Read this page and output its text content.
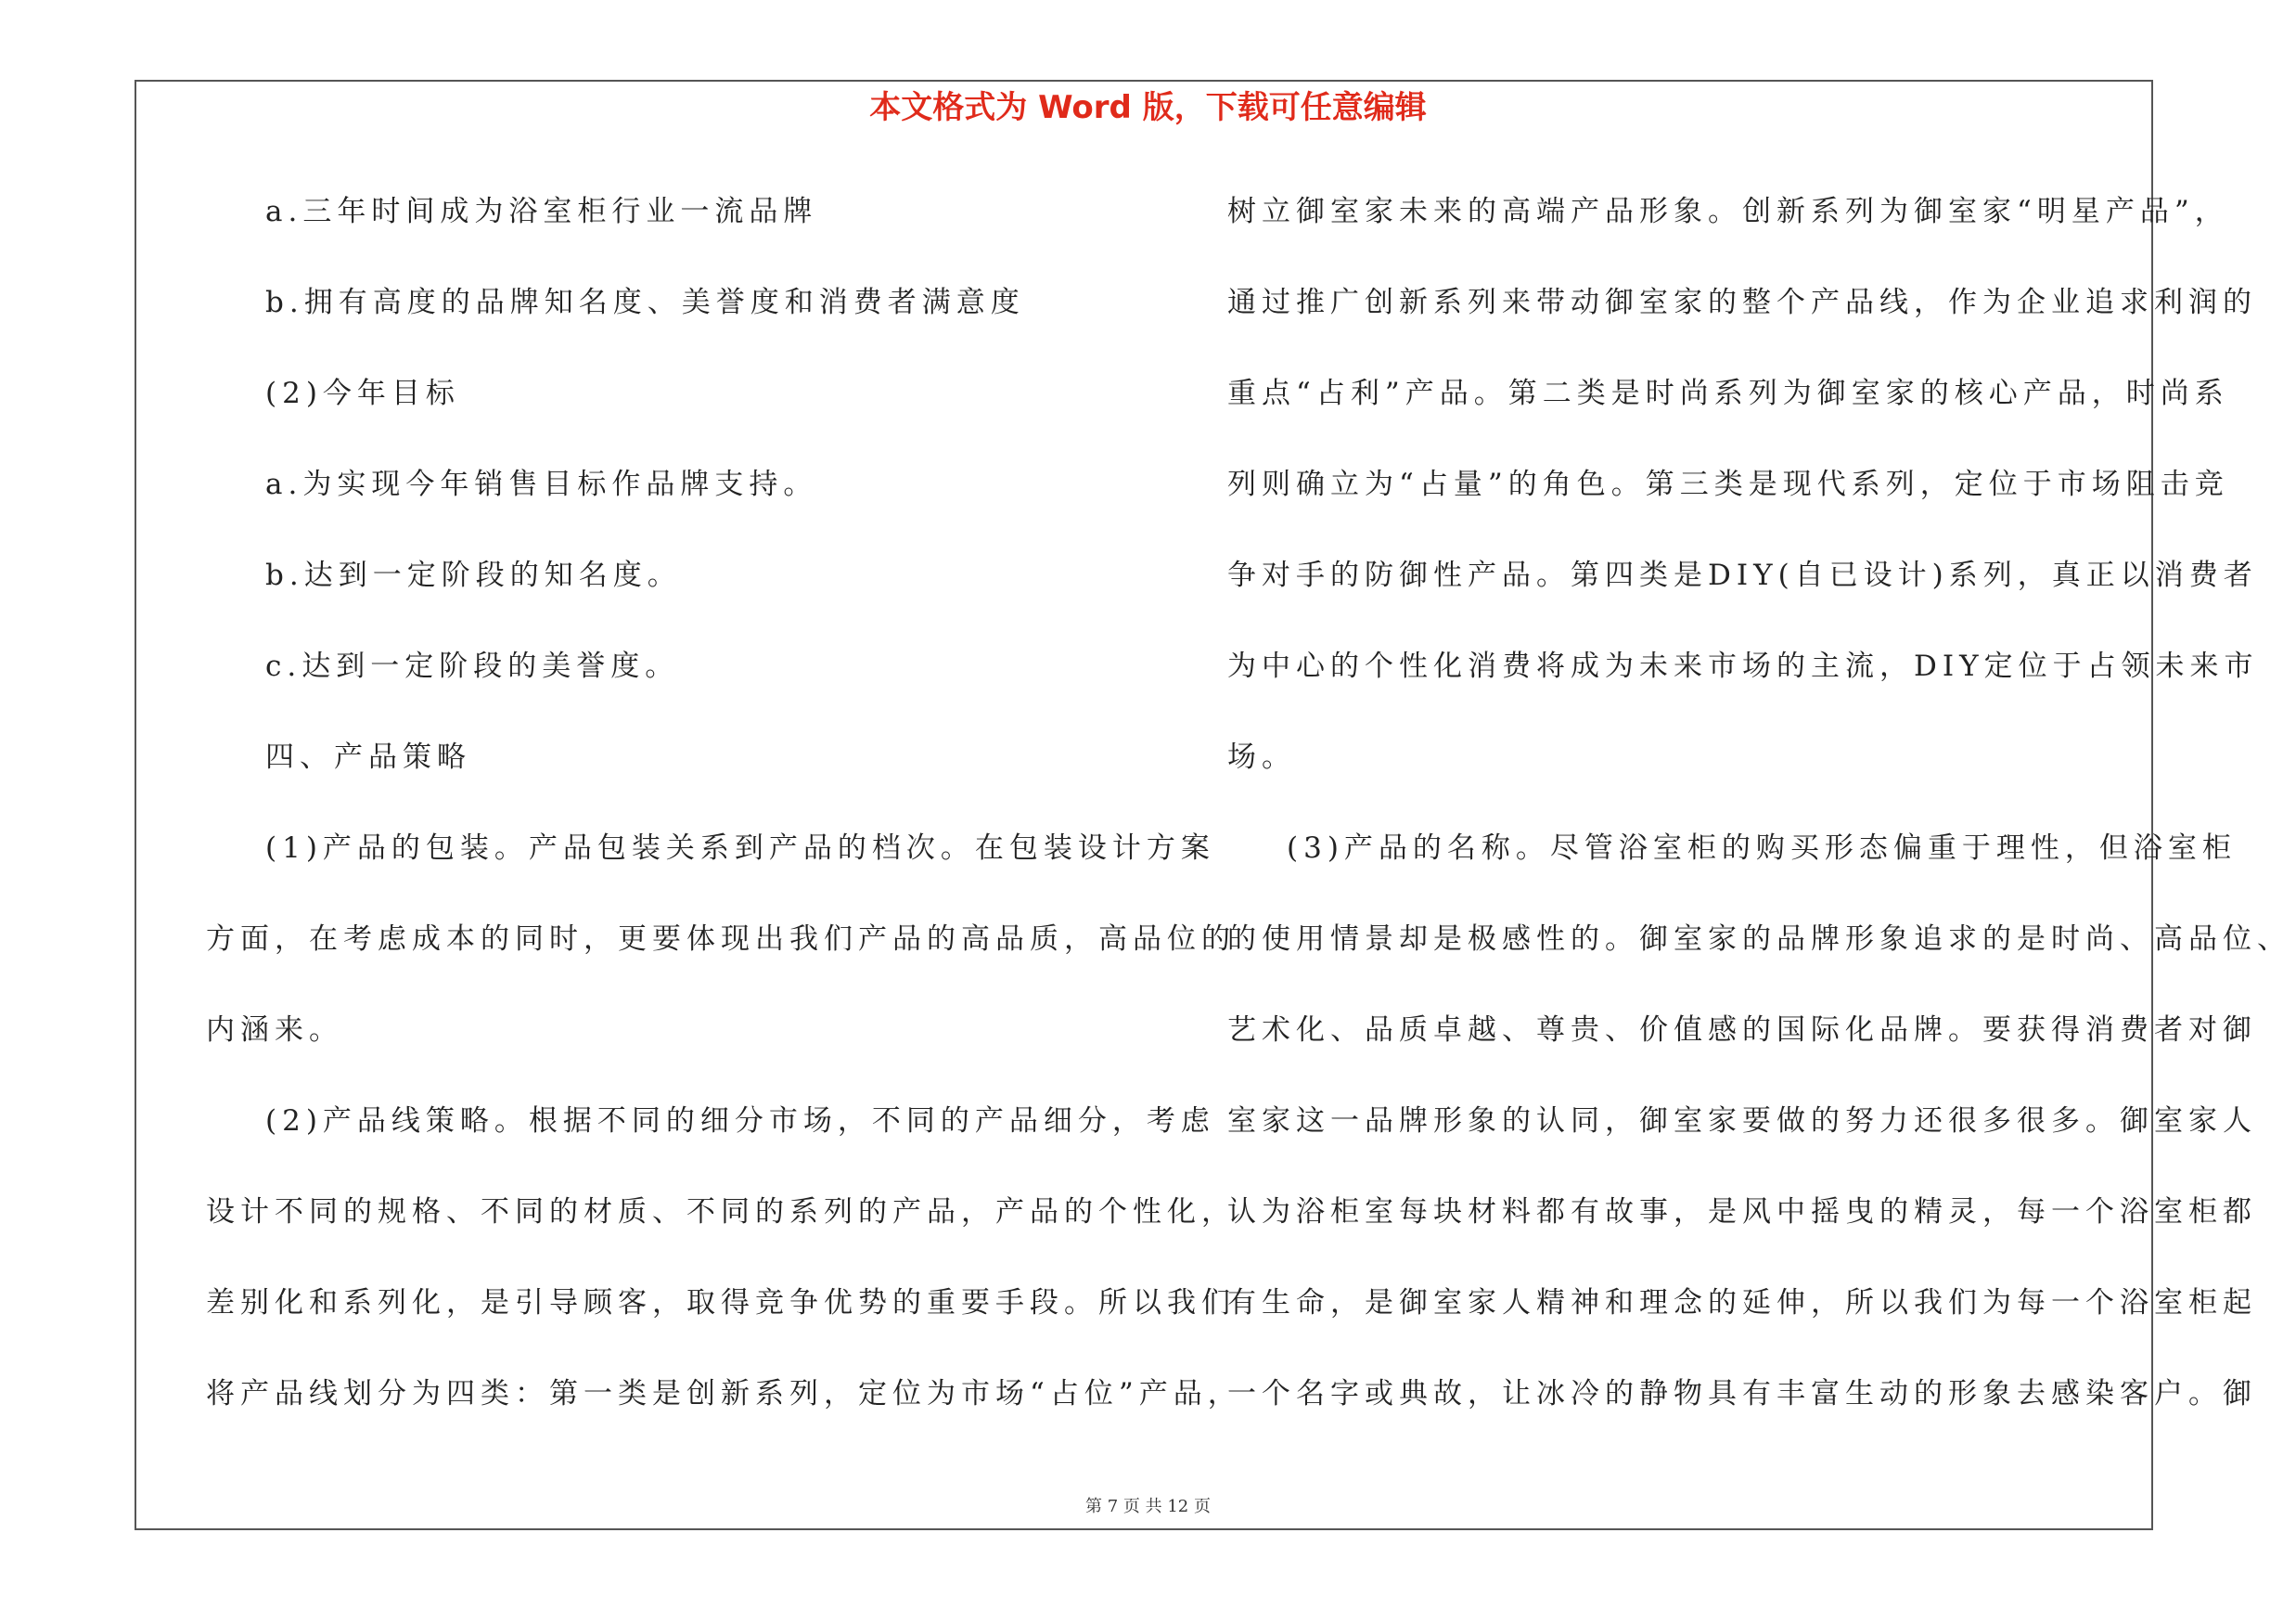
本文格式为 Word 版，下载可任意编辑
a.三年时间成为浴室柜行业一流品牌
b.拥有高度的品牌知名度、美誉度和消费者满意度
(2)今年目标
a.为实现今年销售目标作品牌支持。
b.达到一定阶段的知名度。
c.达到一定阶段的美誉度。
四、产品策略
(1)产品的包装。产品包装关系到产品的档次。在包装设计方案
方面，在考虑成本的同时，更要体现出我们产品的高品质，高品位的
内涵来。
(2)产品线策略。根据不同的细分市场，不同的产品细分，考虑
设计不同的规格、不同的材质、不同的系列的产品，产品的个性化，
差别化和系列化，是引导顾客，取得竞争优势的重要手段。所以我们
将产品线划分为四类：第一类是创新系列，定位为市场“占位”产品，
树立御室家未来的高端产品形象。创新系列为御室家“明星产品”，
通过推广创新系列来带动御室家的整个产品线，作为企业追求利润的
重点“占利”产品。第二类是时尚系列为御室家的核心产品，时尚系
列则确立为“占量”的角色。第三类是现代系列，定位于市场阻击竞
争对手的防御性产品。第四类是DIY(自已设计)系列，真正以消费者
为中心的个性化消费将成为未来市场的主流，DIY定位于占领未来市
场。
(3)产品的名称。尽管浴室柜的购买形态偏重于理性，但浴室柜
的使用情景却是极感性的。御室家的品牌形象追求的是时尚、高品位、
艺术化、品质卓越、尊贵、价值感的国际化品牌。要获得消费者对御
室家这一品牌形象的认同，御室家要做的努力还很多很多。御室家人
认为浴柜室每块材料都有故事，是风中摇曳的精灵，每一个浴室柜都
有生命，是御室家人精神和理念的延伸，所以我们为每一个浴室柜起
一个名字或典故，让冰冷的静物具有丰富生动的形象去感染客户。御
第 7 页 共 12 页
